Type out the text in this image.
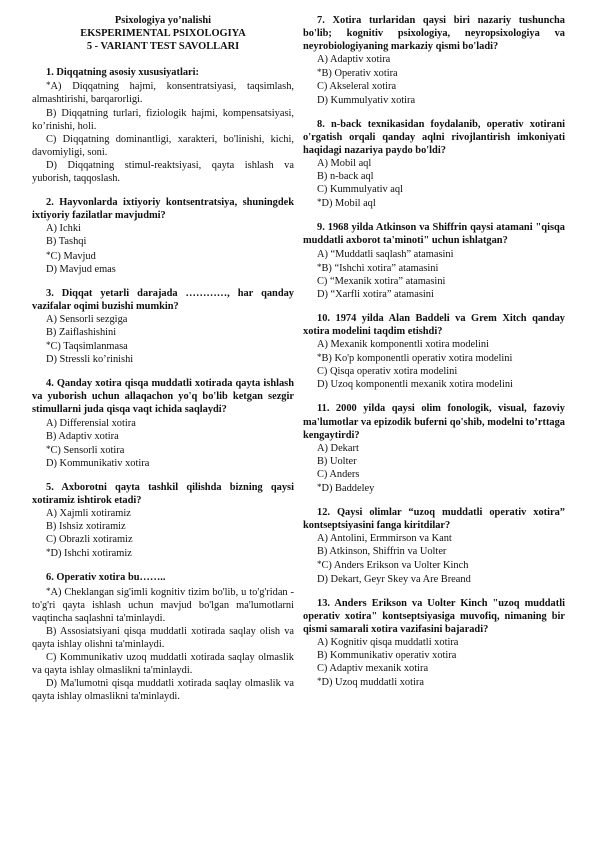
Psixologiya yo’nalishi
EKSPERIMENTAL PSIXOLOGIYA
5 - VARIANT TEST SAVOLLARI
1. Diqqatning asosiy xususiyatlari:
*A) Diqqatning hajmi, konsentratsiyasi, taqsimlash, almashtirishi, barqarorligi.
B) Diqqatning turlari, fiziologik hajmi, kompensatsiyasi, ko’rinishi, holi.
C) Diqqatning dominantligi, xarakteri, bo'linishi, kichi, davomiyligi, soni.
D) Diqqatning stimul-reaktsiyasi, qayta ishlash va yuborish, taqqoslash.
2. Hayvonlarda ixtiyoriy kontsentratsiya, shuningdek ixtiyoriy fazilatlar mavjudmi?
A) Ichki
B) Tashqi
*C) Mavjud
D) Mavjud emas
3. Diqqat yetarli darajada …………, har qanday vazifalar oqimi buzishi mumkin?
A) Sensorli sezgiga
B) Zaiflashishini
*C) Taqsimlanmasa
D) Stressli ko’rinishi
4. Qanday xotira qisqa muddatli xotirada qayta ishlash va yuborish uchun allaqachon yo'q bo'lib ketgan sezgir stimullarni juda qisqa vaqt ichida saqlaydi?
A) Differensial xotira
B) Adaptiv xotira
*C) Sensorli xotira
D) Kommunikativ xotira
5. Axborotni qayta tashkil qilishda bizning qaysi xotiramiz ishtirok etadi?
A) Xajmli xotiramiz
B) Ishsiz xotiramiz
C) Obrazli xotiramiz
*D) Ishchi xotiramiz
6. Operativ xotira bu……..
*A) Cheklangan sig'imli kognitiv tizim bo'lib, u to'g'ridan - to'g'ri qayta ishlash uchun mavjud bo'lgan ma'lumotlarni vaqtincha saqlashni ta'minlaydi.
B) Assosiatsiyani qisqa muddatli xotirada saqlay olish va qayta ishlay olishni ta'minlaydi.
C) Kommunikativ uzoq muddatli xotirada saqlay olmaslik va qayta ishlay olmaslikni ta'minlaydi.
D) Ma'lumotni qisqa muddatli xotirada saqlay olmaslik va qayta ishlay olmaslikni ta'minlaydi.
7. Xotira turlaridan qaysi biri nazariy tushuncha bo'lib; kognitiv psixologiya, neyropsixologiya va neyrobiologiyaning markaziy qismi bo'ladi?
A) Adaptiv xotira
*B) Operativ xotira
C) Akseleral xotira
D) Kummulyativ xotira
8. n-back texnikasidan foydalanib, operativ xotirani o'rgatish orqali qanday aqlni rivojlantirish imkoniyati haqidagi nazariya paydo bo'ldi?
A) Mobil aql
B) n-back aql
C) Kummulyativ aql
*D) Mobil aql
9. 1968 yilda Atkinson va Shiffrin qaysi atamani "qisqa muddatli axborot ta'minoti" uchun ishlatgan?
A) “Muddatli saqlash” atamasini
*B) “Ishchi xotira” atamasini
C) “Mexanik xotira” atamasini
D) “Xarfli xotira” atamasini
10. 1974 yilda Alan Baddeli va Grem Xitch qanday xotira modelini taqdim etishdi?
A) Mexanik komponentli xotira modelini
*B) Ko'p komponentli operativ xotira modelini
C) Qisqa operativ xotira modelini
D) Uzoq komponentli mexanik xotira modelini
11. 2000 yilda qaysi olim fonologik, visual, fazoviy ma'lumotlar va epizodik buferni qo'shib, modelni to’rttaga kengaytirdi?
A) Dekart
B) Uolter
C) Anders
*D) Baddeley
12. Qaysi olimlar “uzoq muddatli operativ xotira” kontseptsiyasini fanga kiritdilar?
A) Antolini, Ermmirson va Kant
B) Atkinson, Shiffrin va Uolter
*C) Anders Erikson va Uolter Kinch
D) Dekart, Geyr Skey va Are Breand
13. Anders Erikson va Uolter Kinch "uzoq muddatli operativ xotira" kontseptsiyasiga muvofiq, nimaning bir qismi samarali xotira vazifasini bajaradi?
A) Kognitiv qisqa muddatli xotira
B) Kommunikativ operativ xotira
C) Adaptiv mexanik xotira
*D) Uzoq muddatli xotira
